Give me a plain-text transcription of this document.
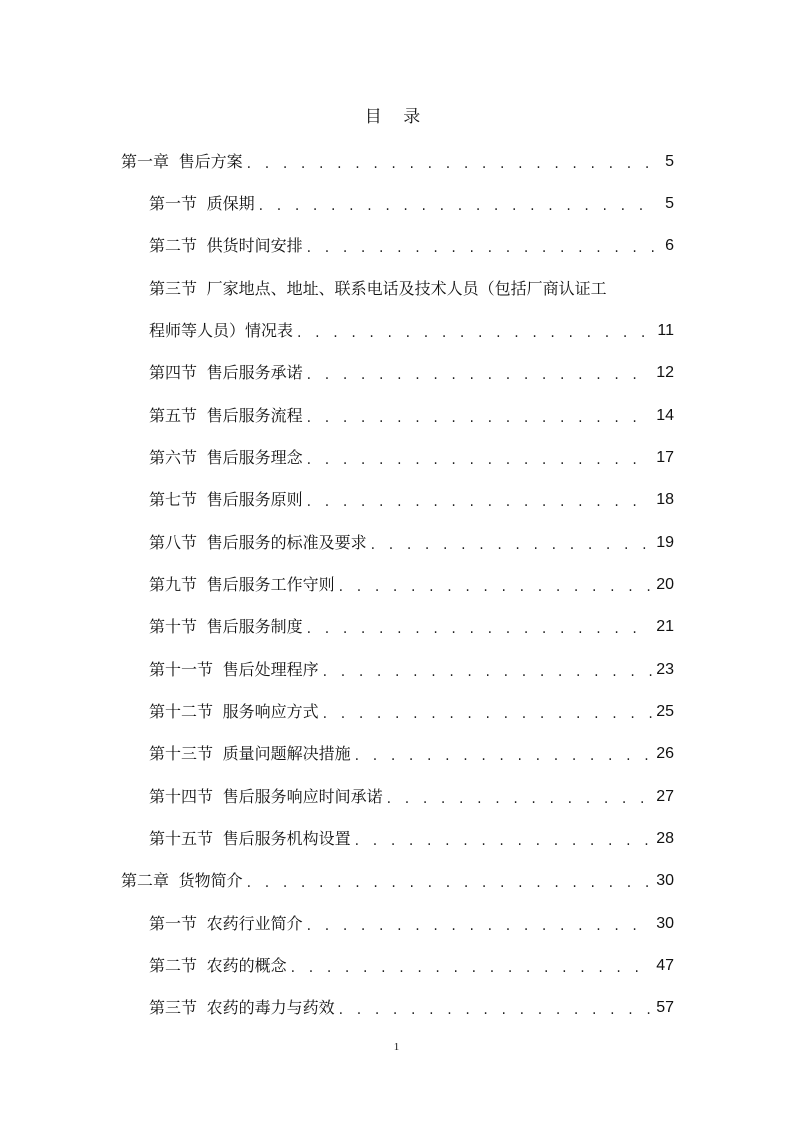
目 录
第一章 售后方案 . . .	5
第一节 质保期 . . .	5
第二节 供货时间安排 . . .	6
第三节 厂家地点、地址、联系电话及技术人员（包括厂商认证工
程师等人员）情况表 . . .	11
第四节 售后服务承诺 . . .	12
第五节 售后服务流程 . . .	14
第六节 售后服务理念 . . .	17
第七节 售后服务原则 . . .	18
第八节 售后服务的标准及要求 . . .	19
第九节 售后服务工作守则 . . .	20
第十节 售后服务制度 . . .	21
第十一节 售后处理程序 . . .	23
第十二节 服务响应方式 . . .	25
第十三节 质量问题解决措施 . . .	26
第十四节 售后服务响应时间承诺 . . .	27
第十五节 售后服务机构设置 . . .	28
第二章 货物简介 . . .	30
第一节 农药行业简介 . . .	30
第二节 农药的概念 . . .	47
第三节 农药的毒力与药效 . . .	57
1
